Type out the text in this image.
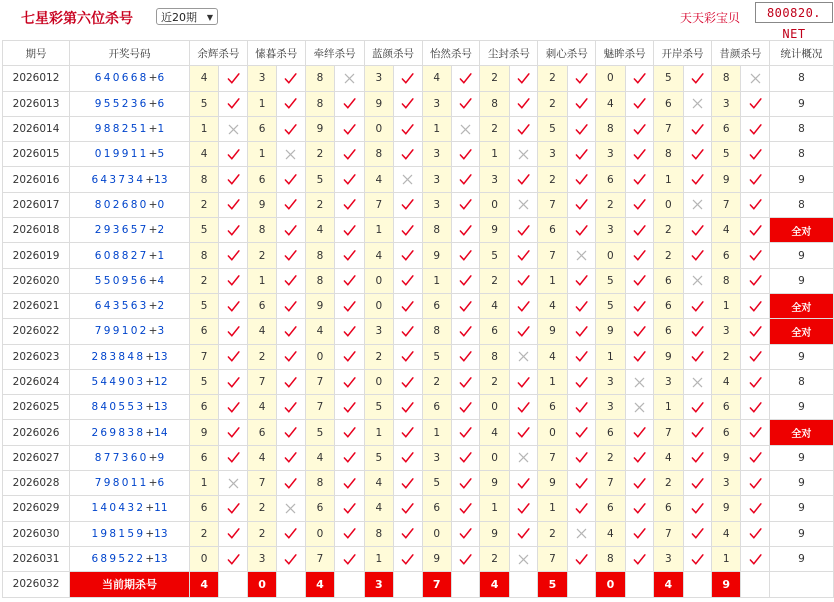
七星彩第六位杀号	近20期 ▼	天天彩宝贝	800820. NET
期号	开奖号码	余辉杀号		愫暮杀号		牵绊杀号		蓝颜杀号		怡然杀号		尘封杀号		刺心杀号		魅眸杀号		开岸杀号		昔颜杀号		统计概况
2026012	640668+6	4		3		8		3		4		2		2		0		5		8		8
2026013	955236+6	5		1		8		9		3		8		2		4		6		3		9
2026014	988251+1	1		6		9		0		1		2		5		8		7		6		8
2026015	019911+5	4		1		2		8		3		1		3		3		8		5		8
2026016	643734+13	8		6		5		4		3		3		2		6		1		9		9
2026017	802680+0	2		9		2		7		3		0		7		2		0		7		8
2026018	293657+2	5		8		4		1		8		9		6		3		2		4		全对
2026019	608827+1	8		2		8		4		9		5		7		0		2		6		9
2026020	550956+4	2		1		8		0		1		2		1		5		6		8		9
2026021	643563+2	5		6		9		0		6		4		4		5		6		1		全对
2026022	799102+3	6		4		4		3		8		6		9		9		6		3		全对
2026023	283848+13	7		2		0		2		5		8		4		1		9		2		9
2026024	544903+12	5		7		7		0		2		2		1		3		3		4		8
2026025	840553+13	6		4		7		5		6		0		6		3		1		6		9
2026026	269838+14	9		6		5		1		1		4		0		6		7		6		全对
2026027	877360+9	6		4		4		5		3		0		7		2		4		9		9
2026028	798011+6	1		7		8		4		5		9		9		7		2		3		9
2026029	140432+11	6		2		6		4		6		1		1		6		6		9		9
2026030	198159+13	2		2		0		8		0		9		2		4		7		4		9
2026031	689522+13	0		3		7		1		9		2		7		8		3		1		9
2026032	当前期杀号	4		0		4		3		7		4		5		0		4		9		
